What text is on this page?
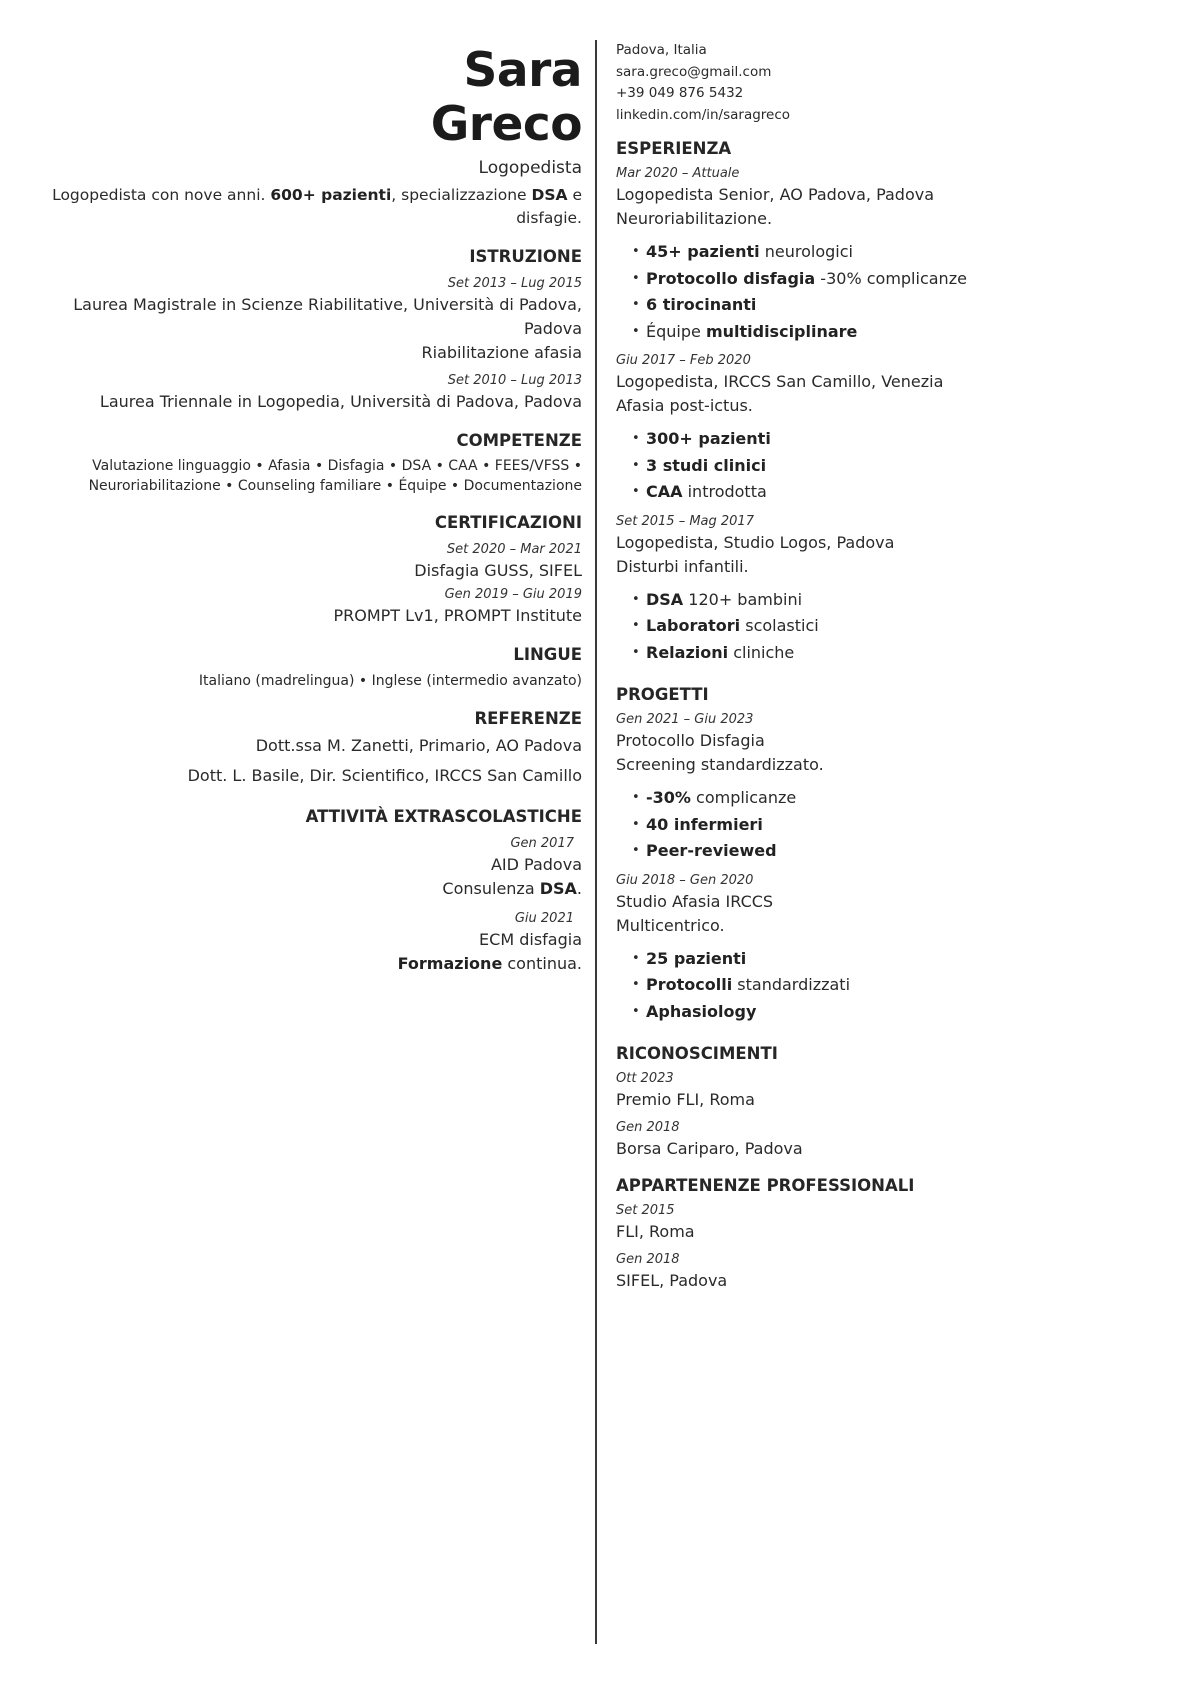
Sara
Greco
Logopedista
Logopedista con nove anni. 600+ pazienti, specializzazione DSA e disfagie.
ISTRUZIONE
Set 2013 – Lug 2015
Laurea Magistrale in Scienze Riabilitative, Università di Padova, Padova
Riabilitazione afasia
Set 2010 – Lug 2013
Laurea Triennale in Logopedia, Università di Padova, Padova
COMPETENZE
Valutazione linguaggio • Afasia • Disfagia • DSA • CAA • FEES/VFSS • Neuroriabilitazione • Counseling familiare • Équipe • Documentazione
CERTIFICAZIONI
Set 2020 – Mar 2021
Disfagia GUSS, SIFEL
Gen 2019 – Giu 2019
PROMPT Lv1, PROMPT Institute
LINGUE
Italiano (madrelingua) • Inglese (intermedio avanzato)
REFERENZE
Dott.ssa M. Zanetti, Primario, AO Padova
Dott. L. Basile, Dir. Scientifico, IRCCS San Camillo
ATTIVITÀ EXTRASCOLASTICHE
Gen 2017
AID Padova
Consulenza DSA.
Giu 2021
ECM disfagia
Formazione continua.
Padova, Italia
sara.greco@gmail.com
+39 049 876 5432
linkedin.com/in/saragreco
ESPERIENZA
Mar 2020 – Attuale
Logopedista Senior, AO Padova, Padova
Neuroriabilitazione.
• 45+ pazienti neurologici
• Protocollo disfagia -30% complicanze
• 6 tirocinanti
• Équipe multidisciplinare
Giu 2017 – Feb 2020
Logopedista, IRCCS San Camillo, Venezia
Afasia post-ictus.
• 300+ pazienti
• 3 studi clinici
• CAA introdotta
Set 2015 – Mag 2017
Logopedista, Studio Logos, Padova
Disturbi infantili.
• DSA 120+ bambini
• Laboratori scolastici
• Relazioni cliniche
PROGETTI
Gen 2021 – Giu 2023
Protocollo Disfagia
Screening standardizzato.
• -30% complicanze
• 40 infermieri
• Peer-reviewed
Giu 2018 – Gen 2020
Studio Afasia IRCCS
Multicentrico.
• 25 pazienti
• Protocolli standardizzati
• Aphasiology
RICONOSCIMENTI
Ott 2023
Premio FLI, Roma
Gen 2018
Borsa Cariparo, Padova
APPARTENENZE PROFESSIONALI
Set 2015
FLI, Roma
Gen 2018
SIFEL, Padova
